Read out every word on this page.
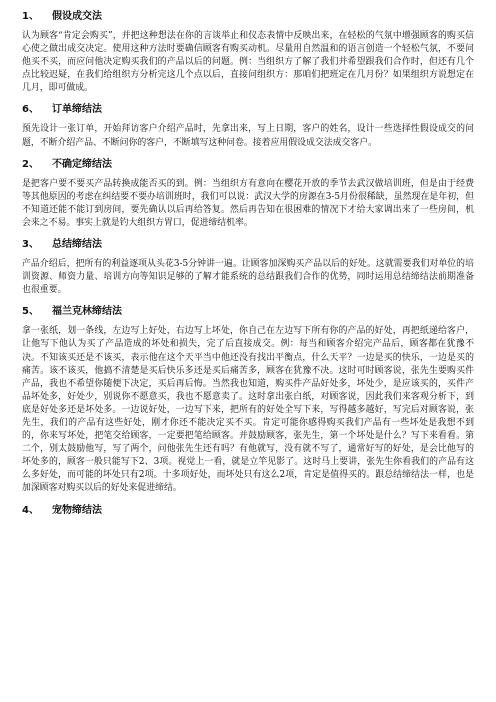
1、 假设成交法

认为顾客“肯定会购买”，并把这种想法在你的言谈举止和仪态表情中反映出来，在轻松的气氛中增强顾客的购买信心使之做出成交决定。使用这种方法时要确信顾客有购买动机。尽量用自然温和的语言创造一个轻松气氛，不要问他买不买，而应问他决定购买我们的产品以后的问题。例：当组织方了解了我们并希望跟我们合作时，但还有几个点比较迟疑，在我们给组织方分析完这几个点以后，直接问组织方：那咱们把班定在几月份？如果组织方说想定在几月，即可做成。

6、 订单缔结法

预先设计一张订单，开始拜访客户介绍产品时，先拿出来，写上日期，客户的姓名，设计一些选择性假设成交的问题，不断介绍产品、不断问你的客户，不断填写这种问卷。接着应用假设成交法成交客户。

2、 不确定缔结法

是把客户要不要买产品转换成能否买的到。例：当组织方有意向在樱花开放的季节去武汉做培训班，但是由于经费等其他原因的考虑在纠结要不要办培训班时，我们可以说：武汉大学的房源在3-5月份很稀缺，虽然现在是年初，但不知道还能不能订到房间，要先确认以后再给答复。然后再告知在很困难的情况下才给大家调出来了一些房间，机会来之不易。事实上就是钓大组织方胃口，促进缔结机率。

3、 总结缔结法

产品介绍后，把所有的利益逐项从头花3-5分钟讲一遍。让顾客加深购买产品以后的好处。这就需要我们对单位的培训资源、师资力量、培训方向等知识足够的了解才能系统的总结跟我们合作的优势，同时运用总结缔结法前期准备也很重要。

5、 福兰克林缔结法

拿一张纸，划一条线，左边写上好处，右边写上坏处，你自己在左边写下所有你的产品的好处，再把纸递给客户，让他写下他认为买了产品造成的坏处和损失，完了后直接成交。例：每当和顾客介绍完产品后，顾客都在犹豫不决。不知该买还是不该买，表示他在这个天平当中他还没有找出平衡点，什么天平？一边是买的快乐，一边是买的痛苦。该不该买，他搞不清楚是买后快乐多还是买后痛苦多，顾客在犹豫不决。这时可时顾客说，张先生要购买件产品，我也不希望你随便下决定，买后再后悔。当然我也知道，购买件产品好处多，坏处少，是应该买的，买件产品坏处多，好处少，别说你不愿意买，我也不愿意卖了。这时拿出张白纸，对顾客说，因此我们来客观分析下，到底是好处多还是坏处多。一边说好处，一边写下来，把所有的好处全写下来，写得越多越好，写完后对顾客说，张先生，我们的产品有这些好处，刚才你还不能决定买不买。肯定可能你感得购买我们产品有一些坏处是我想不到的，你来写坏处，把笔交给顾客，一定要把笔给顾客。并鼓励顾客，张先生，第一个坏处是什么？写下来看看。第二个，别太鼓励他写，写了两个，问他张先生还有吗？有他就写，没有就不写了，通常好写的好处，是会比他写的坏处多的，顾客一般只能写下2、3项。视觉上一看，就是立竿见影了。这时马上要讲，张先生你看我们的产品有这么多好处，而可能的坏处只有2项。十多项好处，而坏处只有这么2项，肯定是值得买的。跟总结缔结法一样，也是加深顾客对购买以后的好处来促进缔结。

4、 宠物缔结法
